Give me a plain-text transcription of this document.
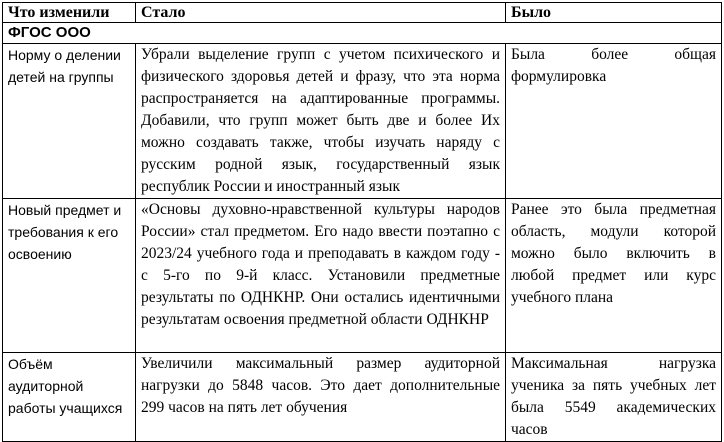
Что изменили	Стало	Было
ФГОС ООО		
Норму о делении детей на группы	Убрали выделение групп с учетом психического и физического здоровья детей и фразу, что эта норма распространяется на адаптированные программы. Добавили, что групп может быть две и более Их можно создавать также, чтобы изучать наряду с русским родной язык, государственный язык республик России и иностранный язык	Была более общая формулировка
Новый предмет и требования к его освоению	«Основы духовно-нравственной культуры народов России» стал предметом. Его надо ввести поэтапно с 2023/24 учебного года и преподавать в каждом году - с 5-го по 9-й класс. Установили предметные результаты по ОДНКНР. Они остались идентичными результатам освоения предметной области ОДНКНР	Ранее это была предметная область, модули которой можно было включить в любой предмет или курс учебного плана
Объём аудиторной работы учащихся	Увеличили максимальный размер аудиторной нагрузки до 5848 часов. Это дает дополнительные 299 часов на пять лет обучения	Максимальная нагрузка ученика за пять учебных лет была 5549 академических часов
